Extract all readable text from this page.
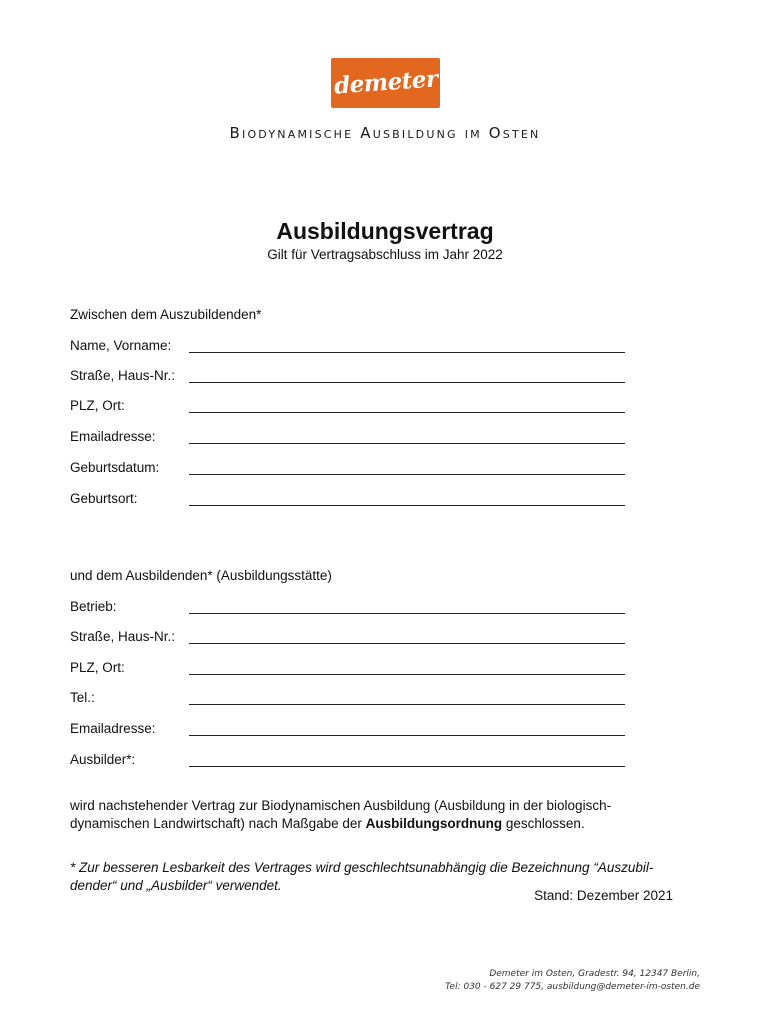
demeter
Biodynamische Ausbildung im Osten
Ausbildungsvertrag
Gilt für Vertragsabschluss im Jahr 2022
Zwischen dem Auszubildenden*
Name, Vorname:
Straße, Haus-Nr.:
PLZ, Ort:
Emailadresse:
Geburtsdatum:
Geburtsort:
und dem Ausbildenden* (Ausbildungsstätte)
Betrieb:
Straße, Haus-Nr.:
PLZ, Ort:
Tel.:
Emailadresse:
Ausbilder*:
wird nachstehender Vertrag zur Biodynamischen Ausbildung (Ausbildung in der biologisch-
dynamischen Landwirtschaft) nach Maßgabe der Ausbildungsordnung geschlossen.
* Zur besseren Lesbarkeit des Vertrages wird geschlechtsunabhängig die Bezeichnung “Auszubil-
dender“ und „Ausbilder“ verwendet.
Stand: Dezember 2021
Demeter im Osten, Gradestr. 94, 12347 Berlin,
Tel: 030 - 627 29 775, ausbildung@demeter-im-osten.de
